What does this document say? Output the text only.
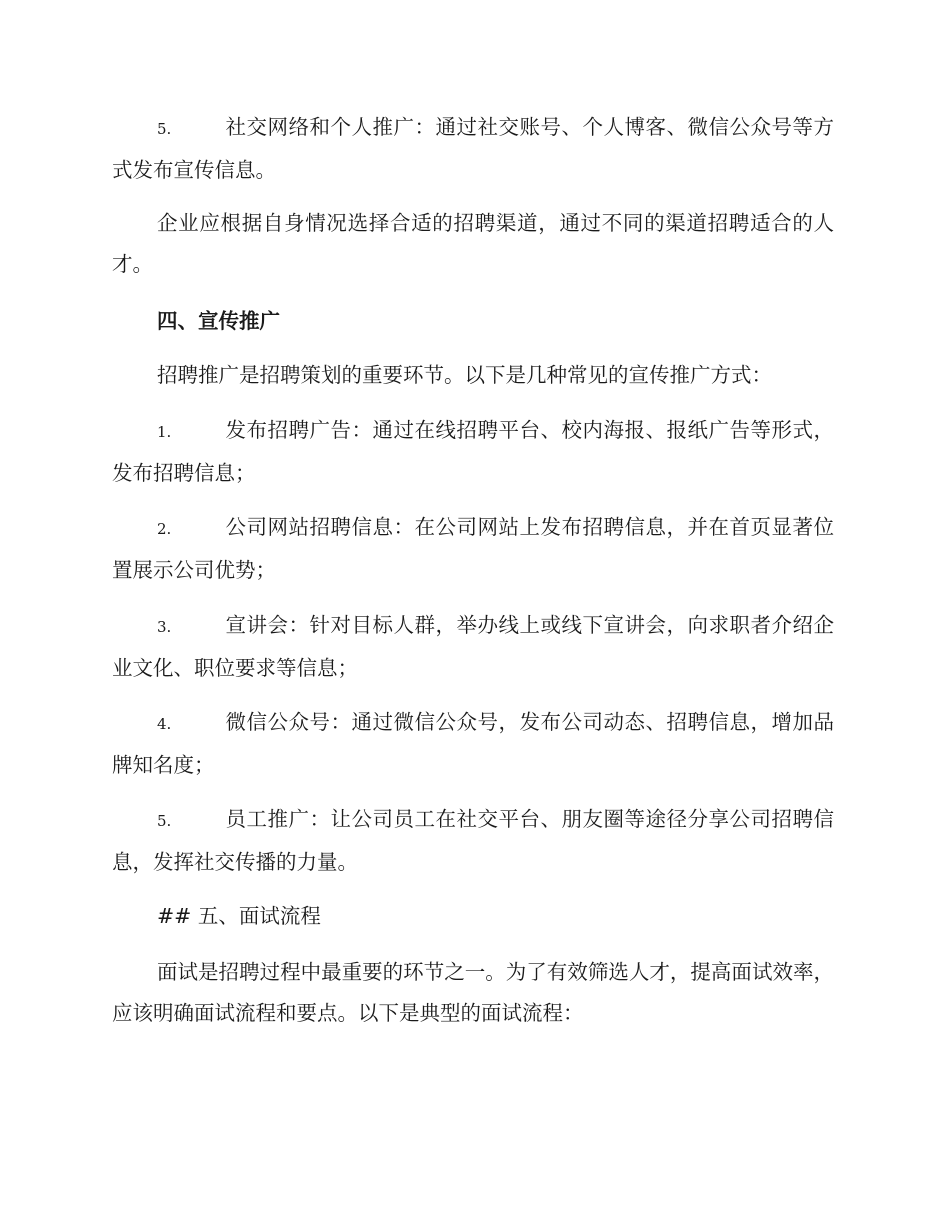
5.	社交网络和个人推广：通过社交账号、个人博客、微信公众号等方式发布宣传信息。

企业应根据自身情况选择合适的招聘渠道，通过不同的渠道招聘适合的人才。

四、宣传推广

招聘推广是招聘策划的重要环节。以下是几种常见的宣传推广方式：

1.	发布招聘广告：通过在线招聘平台、校内海报、报纸广告等形式，发布招聘信息；

2.	公司网站招聘信息：在公司网站上发布招聘信息，并在首页显著位置展示公司优势；

3.	宣讲会：针对目标人群，举办线上或线下宣讲会，向求职者介绍企业文化、职位要求等信息；

4.	微信公众号：通过微信公众号，发布公司动态、招聘信息，增加品牌知名度；

5.	员工推广：让公司员工在社交平台、朋友圈等途径分享公司招聘信息，发挥社交传播的力量。

## 五、面试流程

面试是招聘过程中最重要的环节之一。为了有效筛选人才，提高面试效率，应该明确面试流程和要点。以下是典型的面试流程：
